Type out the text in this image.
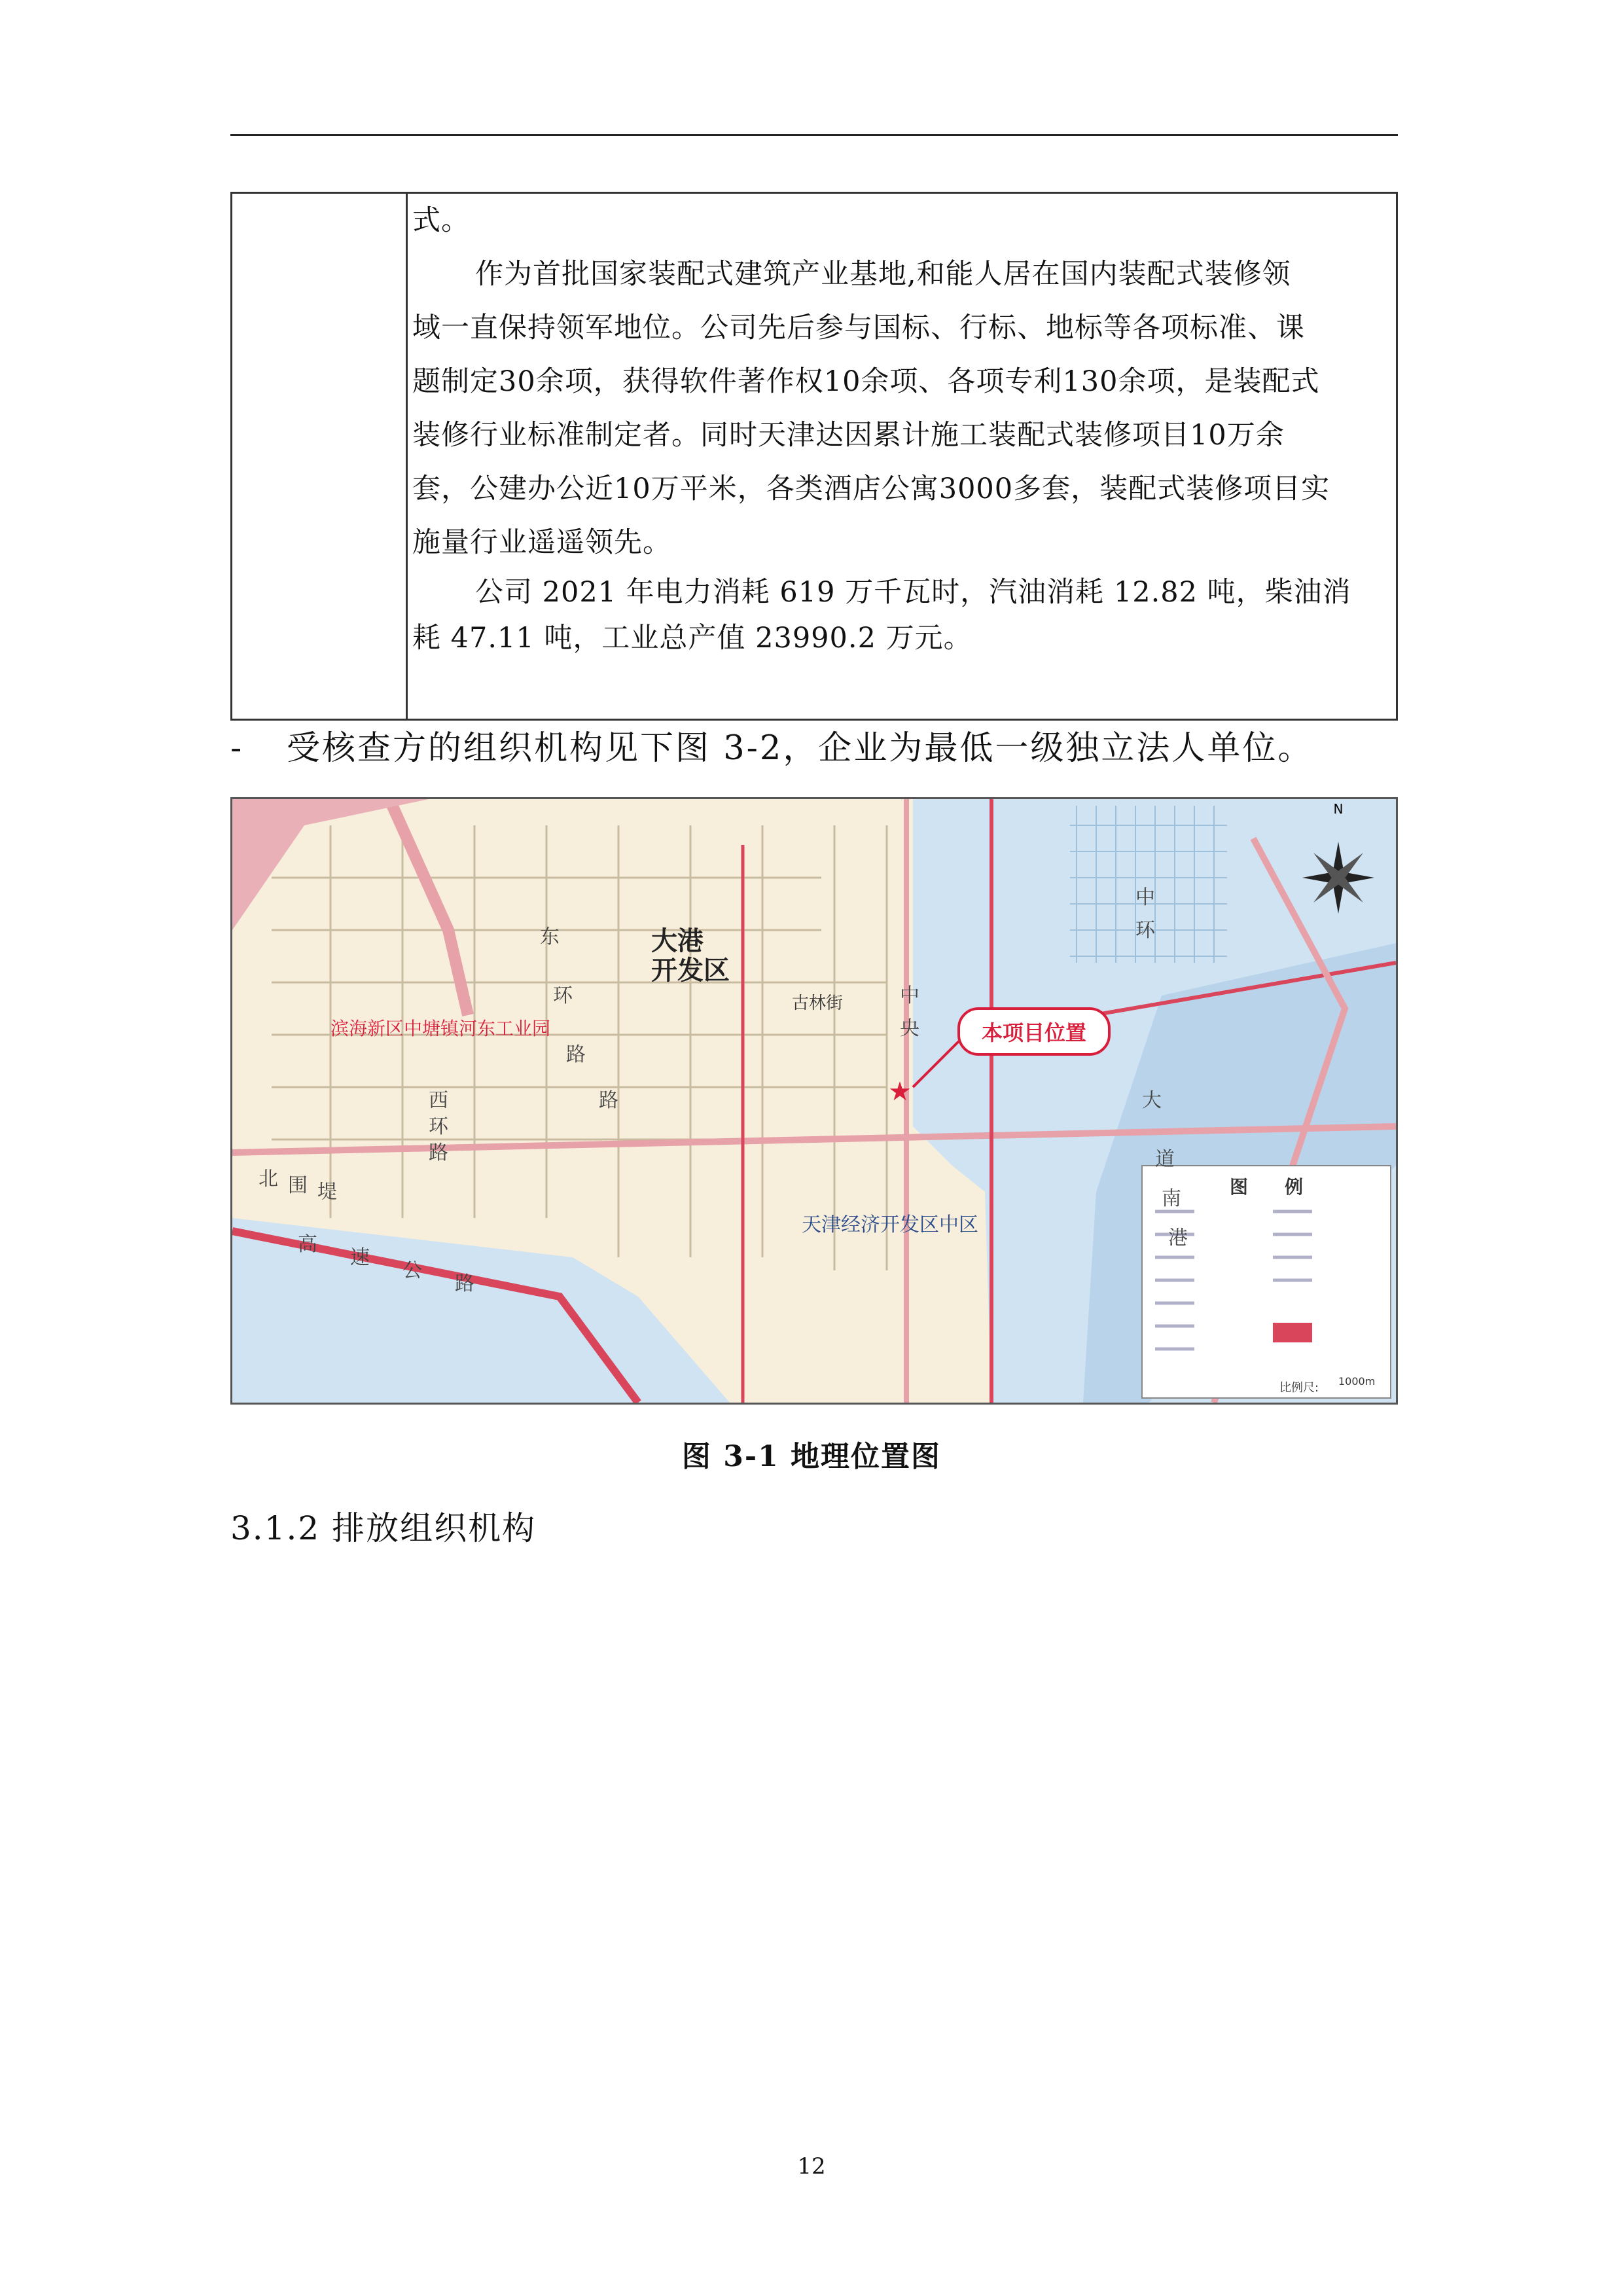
式。

作为首批国家装配式建筑产业基地,和能人居在国内装配式装修领

域一直保持领军地位。公司先后参与国标、行标、地标等各项标准、课

题制定30余项，获得软件著作权10余项、各项专利130余项，是装配式

装修行业标准制定者。同时天津达因累计施工装配式装修项目10万余

套，公建办公近10万平米，各类酒店公寓3000多套，装配式装修项目实

施量行业遥遥领先。

公司 2021 年电力消耗 619 万千瓦时，汽油消耗 12.82 吨，柴油消

耗 47.11 吨，工业总产值 23990.2 万元。

- 受核查方的组织机构见下图 3-2，企业为最低一级独立法人单位。
N
大港
开发区
滨海新区中塘镇河东工业园
古林街
天津经济开发区中区
本项目位置
★
图　　例
比例尺: 1000m
西
环
路
北 围 堤
路
东
环
路
中
央
大
道
南
港
高
速
公
路
中
环
图 3-1 地理位置图
3.1.2 排放组织机构
12
